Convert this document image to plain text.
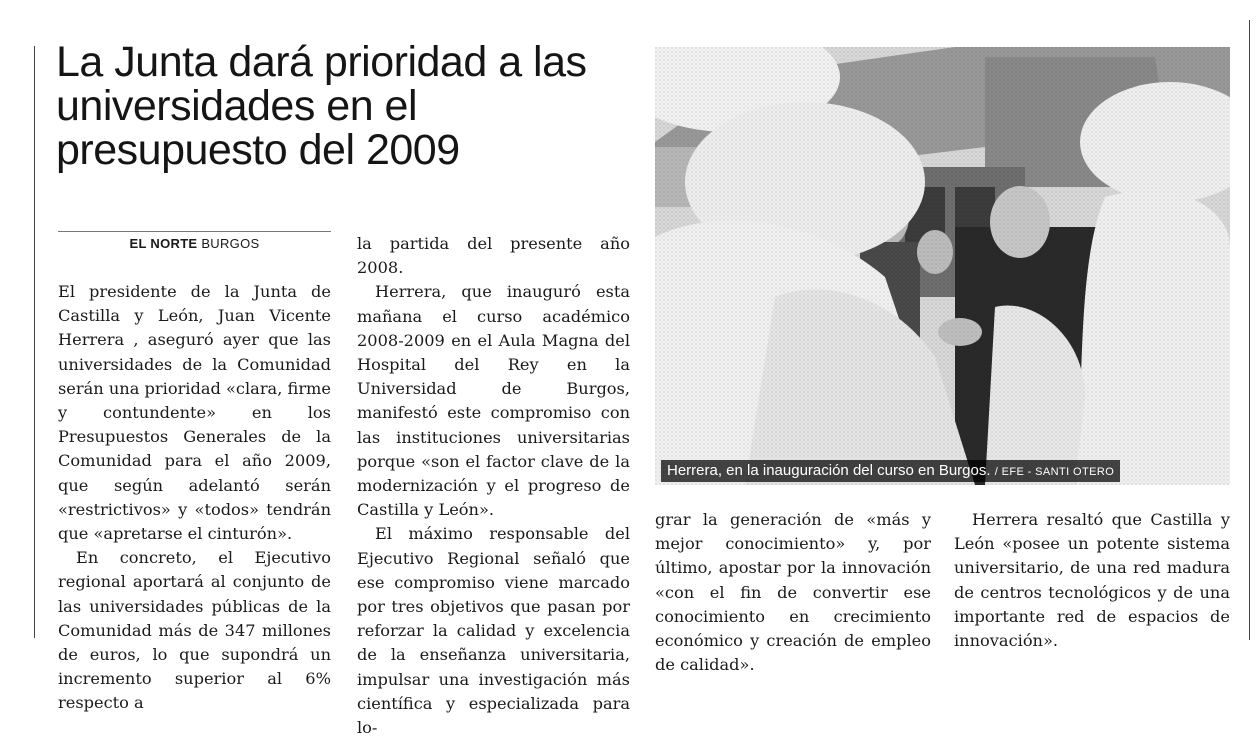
La Junta dará prioridad a las universidades en el presupuesto del 2009
EL NORTE BURGOS

El presidente de la Junta de Castilla y León, Juan Vicente Herrera , aseguró ayer que las universidades de la Comunidad serán una prioridad «clara, firme y contundente» en los Presupuestos Generales de la Comunidad para el año 2009, que según adelantó serán «restrictivos» y «todos» tendrán que «apretarse el cinturón».

En concreto, el Ejecutivo regional aportará al conjunto de las universidades públicas de la Comunidad más de 347 millones de euros, lo que supondrá un incremento superior al 6% respecto a

la partida del presente año 2008.

Herrera, que inauguró esta mañana el curso académico 2008-2009 en el Aula Magna del Hospital del Rey en la Universidad de Burgos, manifestó este compromiso con las instituciones universitarias porque «son el factor clave de la modernización y el progreso de Castilla y León».

El máximo responsable del Ejecutivo Regional señaló que ese compromiso viene marcado por tres objetivos que pasan por reforzar la calidad y excelencia de la enseñanza universitaria, impulsar una investigación más científica y especializada para lo-

grar la generación de «más y mejor conocimiento» y, por último, apostar por la innovación «con el fin de convertir ese conocimiento en crecimiento económico y creación de empleo de calidad».

Herrera resaltó que Castilla y León «posee un potente sistema universitario, de una red madura de centros tecnológicos y de una importante red de espacios de innovación».

Herrera, en la inauguración del curso en Burgos. / EFE - SANTI OTERO
